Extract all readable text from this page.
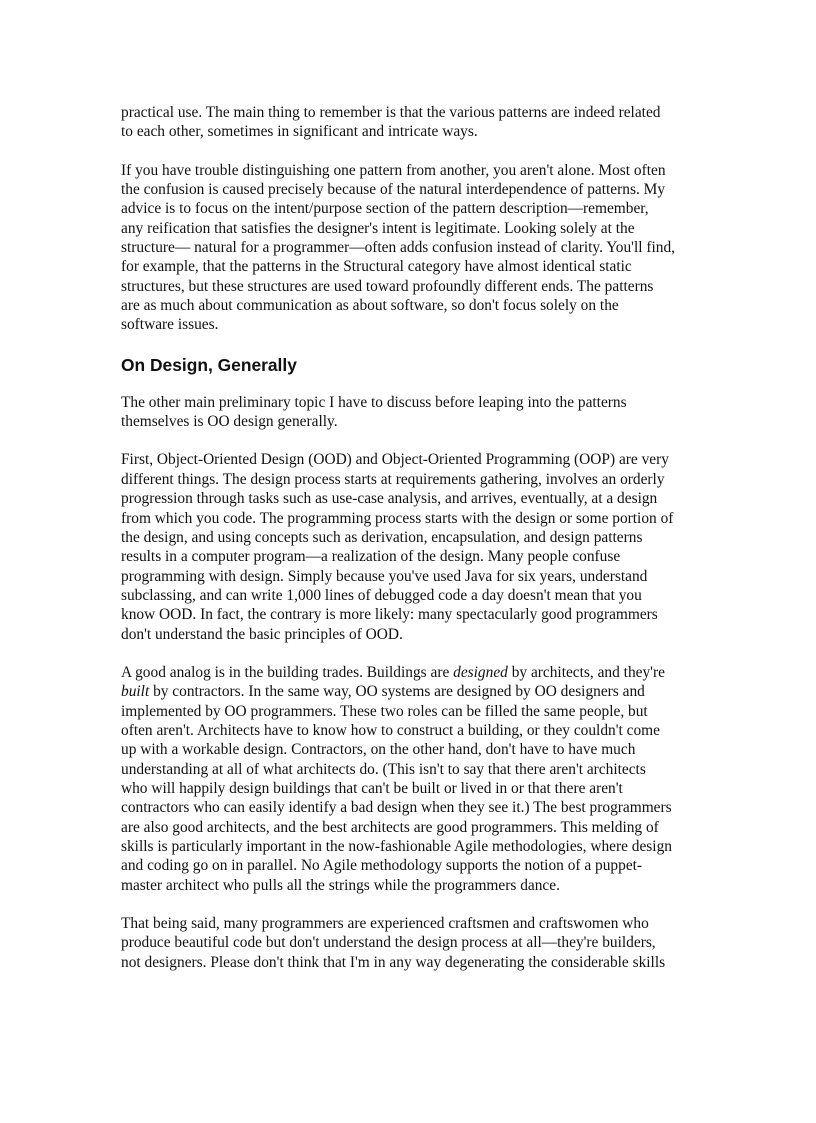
practical use. The main thing to remember is that the various patterns are indeed related
to each other, sometimes in significant and intricate ways.

If you have trouble distinguishing one pattern from another, you aren't alone. Most often
the confusion is caused precisely because of the natural interdependence of patterns. My
advice is to focus on the intent/purpose section of the pattern description—remember,
any reification that satisfies the designer's intent is legitimate. Looking solely at the
structure— natural for a programmer—often adds confusion instead of clarity. You'll find,
for example, that the patterns in the Structural category have almost identical static
structures, but these structures are used toward profoundly different ends. The patterns
are as much about communication as about software, so don't focus solely on the
software issues.

On Design, Generally

The other main preliminary topic I have to discuss before leaping into the patterns
themselves is OO design generally.

First, Object-Oriented Design (OOD) and Object-Oriented Programming (OOP) are very
different things. The design process starts at requirements gathering, involves an orderly
progression through tasks such as use-case analysis, and arrives, eventually, at a design
from which you code. The programming process starts with the design or some portion of
the design, and using concepts such as derivation, encapsulation, and design patterns
results in a computer program—a realization of the design. Many people confuse
programming with design. Simply because you've used Java for six years, understand
subclassing, and can write 1,000 lines of debugged code a day doesn't mean that you
know OOD. In fact, the contrary is more likely: many spectacularly good programmers
don't understand the basic principles of OOD.

A good analog is in the building trades. Buildings are designed by architects, and they're
built by contractors. In the same way, OO systems are designed by OO designers and
implemented by OO programmers. These two roles can be filled the same people, but
often aren't. Architects have to know how to construct a building, or they couldn't come
up with a workable design. Contractors, on the other hand, don't have to have much
understanding at all of what architects do. (This isn't to say that there aren't architects
who will happily design buildings that can't be built or lived in or that there aren't
contractors who can easily identify a bad design when they see it.) The best programmers
are also good architects, and the best architects are good programmers. This melding of
skills is particularly important in the now-fashionable Agile methodologies, where design
and coding go on in parallel. No Agile methodology supports the notion of a puppet-
master architect who pulls all the strings while the programmers dance.

That being said, many programmers are experienced craftsmen and craftswomen who
produce beautiful code but don't understand the design process at all—they're builders,
not designers. Please don't think that I'm in any way degenerating the considerable skills
